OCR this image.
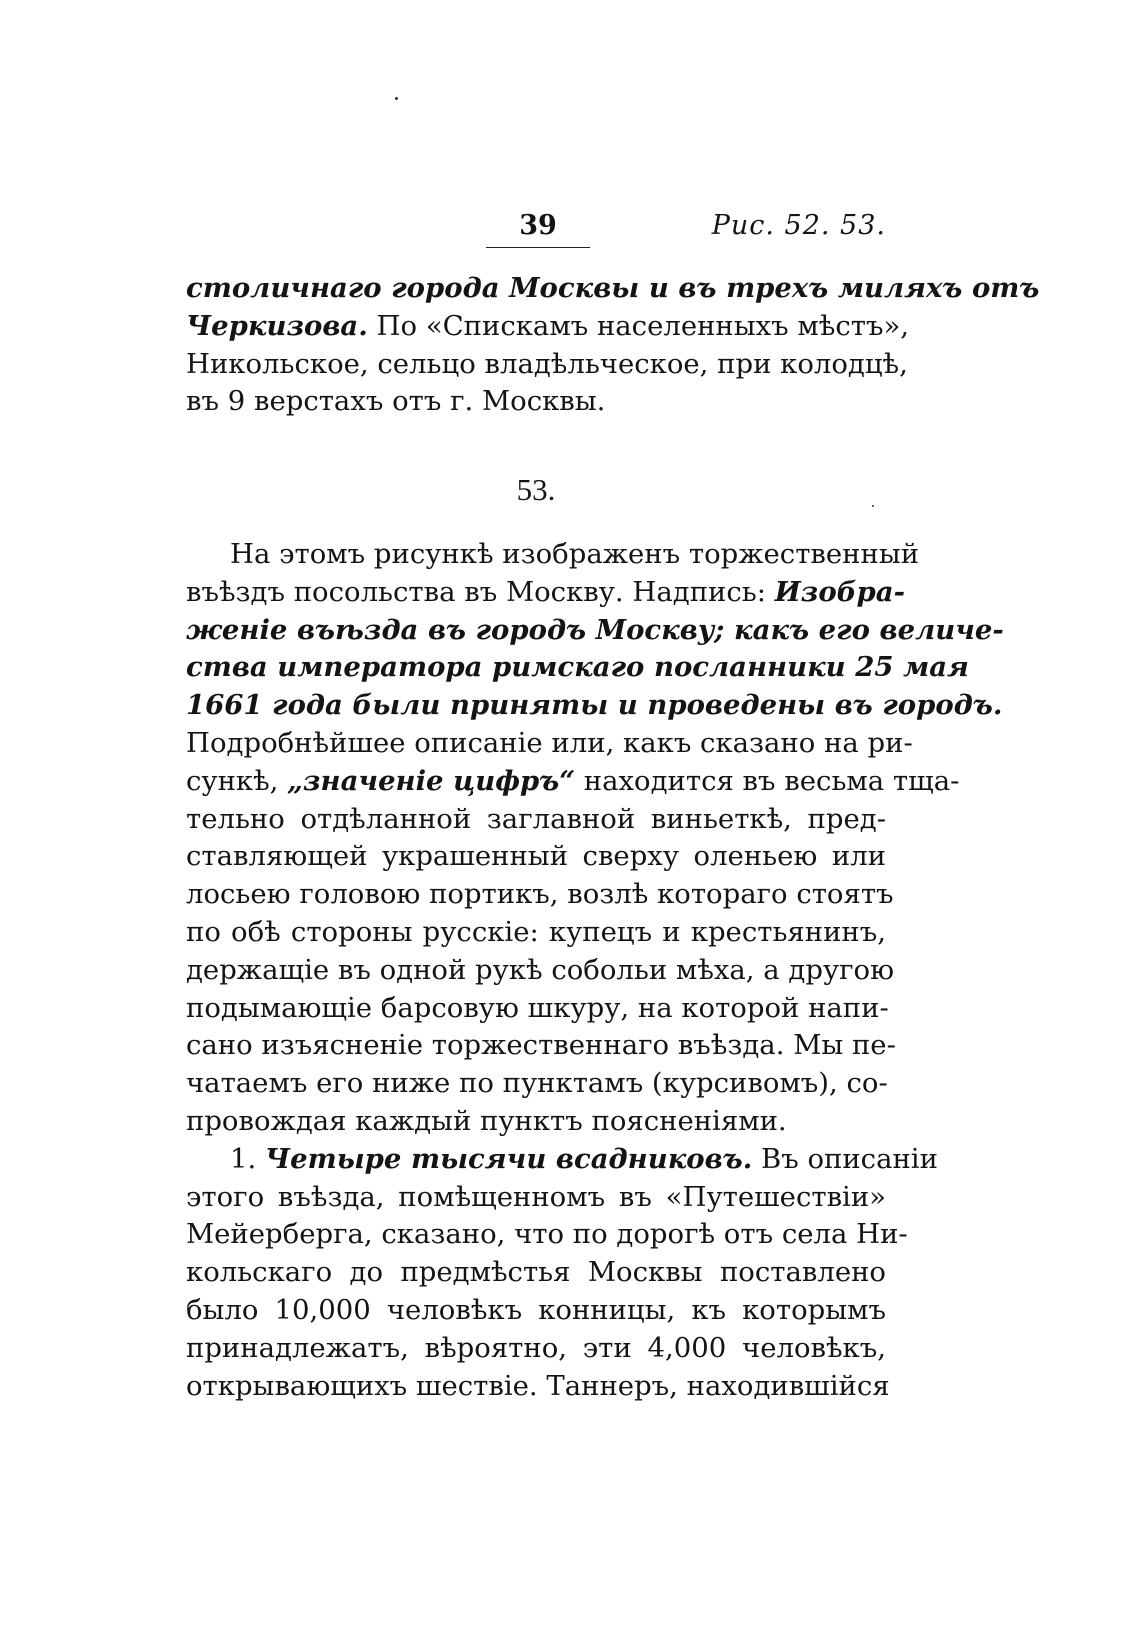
39	Рис. 52. 53.
столичнаго города Москвы и въ трехъ миляхъ отъ
Черкизова. По «Спискамъ населенныхъ мѣстъ»,
Никольское, сельцо владѣльческое, при колодцѣ,
въ 9 верстахъ отъ г. Москвы.
53.
На этомъ рисункѣ изображенъ торжественный
въѣздъ посольства въ Москву. Надпись: Изобра-
женіе въѣзда въ городъ Москву; какъ его величе-
ства императора римскаго посланники 25 мая
1661 года были приняты и проведены въ городъ.
Подробнѣйшее описаніе или, какъ сказано на ри-
сункѣ, „значеніе цифръ“ находится въ весьма тща-
тельно отдѣланной заглавной виньеткѣ, пред-
ставляющей украшенный сверху оленьею или
лосьею головою портикъ, возлѣ котораго стоятъ
по обѣ стороны русскіе: купецъ и крестьянинъ,
держащіе въ одной рукѣ собольи мѣха, а другою
подымающіе барсовую шкуру, на которой напи-
сано изъясненіе торжественнаго въѣзда. Мы пе-
чатаемъ его ниже по пунктамъ (курсивомъ), со-
провождая каждый пунктъ поясненіями.
1. Четыре тысячи всадниковъ. Въ описаніи
этого въѣзда, помѣщенномъ въ «Путешествіи»
Мейерберга, сказано, что по дорогѣ отъ села Ни-
кольскаго до предмѣстья Москвы поставлено
было 10,000 человѣкъ конницы, къ которымъ
принадлежатъ, вѣроятно, эти 4,000 человѣкъ,
открывающихъ шествіе. Таннеръ, находившійся
